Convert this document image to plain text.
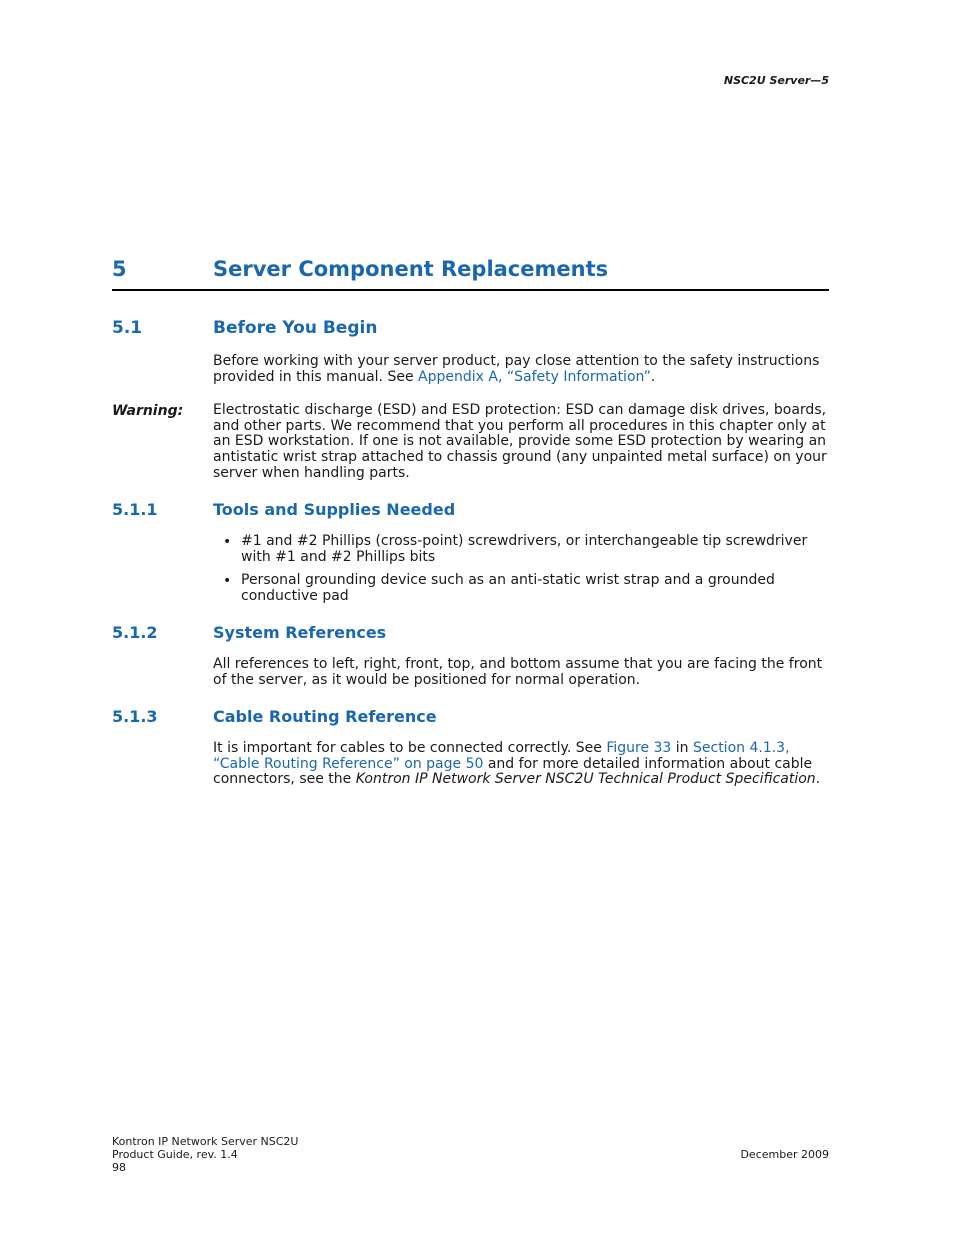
NSC2U Server—5
5	Server Component Replacements
5.1	Before You Begin
Before working with your server product, pay close attention to the safety instructions provided in this manual. See Appendix A, “Safety Information”.
Warning: Electrostatic discharge (ESD) and ESD protection: ESD can damage disk drives, boards, and other parts. We recommend that you perform all procedures in this chapter only at an ESD workstation. If one is not available, provide some ESD protection by wearing an antistatic wrist strap attached to chassis ground (any unpainted metal surface) on your server when handling parts.
5.1.1	Tools and Supplies Needed
• #1 and #2 Phillips (cross-point) screwdrivers, or interchangeable tip screwdriver with #1 and #2 Phillips bits
• Personal grounding device such as an anti-static wrist strap and a grounded conductive pad
5.1.2	System References
All references to left, right, front, top, and bottom assume that you are facing the front of the server, as it would be positioned for normal operation.
5.1.3	Cable Routing Reference
It is important for cables to be connected correctly. See Figure 33 in Section 4.1.3, “Cable Routing Reference” on page 50 and for more detailed information about cable connectors, see the Kontron IP Network Server NSC2U Technical Product Specification.
Kontron IP Network Server NSC2U
Product Guide, rev. 1.4
98
December 2009
